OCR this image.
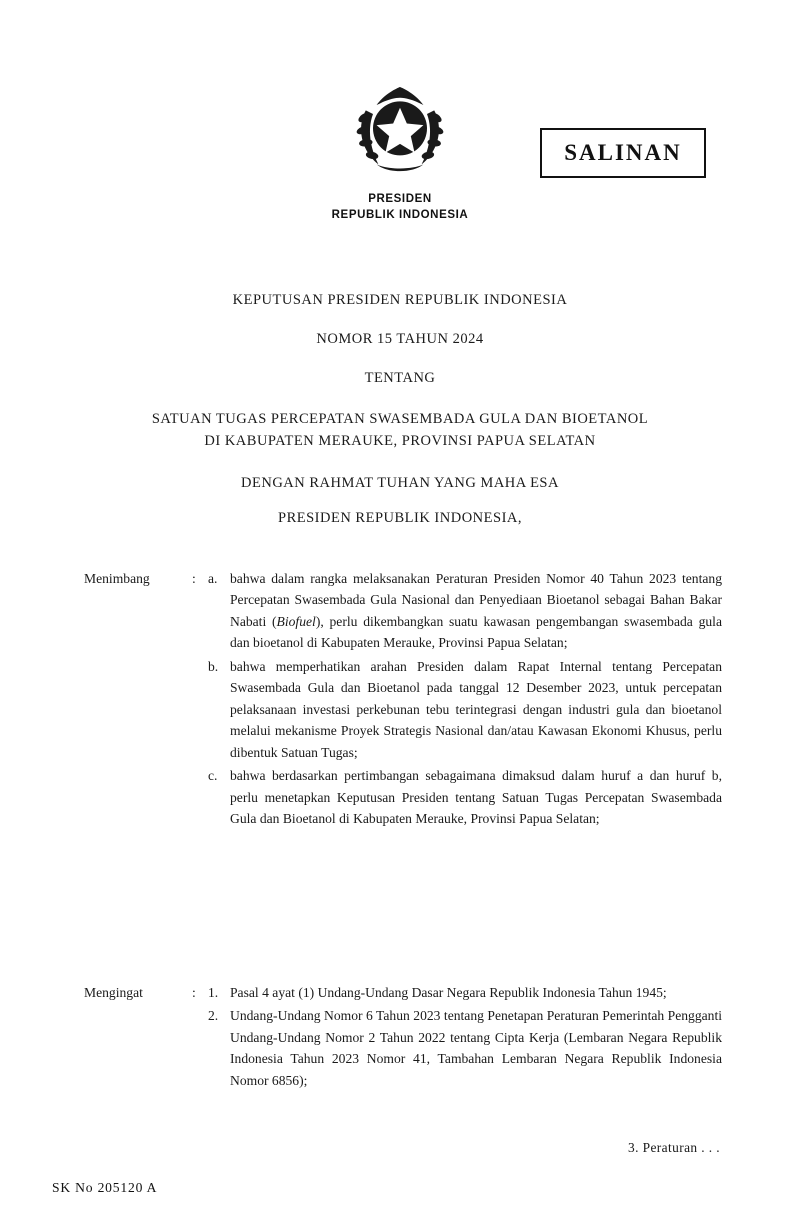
PRESIDEN
REPUBLIK INDONESIA
SALINAN
KEPUTUSAN PRESIDEN REPUBLIK INDONESIA
NOMOR 15 TAHUN 2024
TENTANG
SATUAN TUGAS PERCEPATAN SWASEMBADA GULA DAN BIOETANOL
DI KABUPATEN MERAUKE, PROVINSI PAPUA SELATAN
DENGAN RAHMAT TUHAN YANG MAHA ESA
PRESIDEN REPUBLIK INDONESIA,
Menimbang	: a. bahwa dalam rangka melaksanakan Peraturan Presiden Nomor 40 Tahun 2023 tentang Percepatan Swasembada Gula Nasional dan Penyediaan Bioetanol sebagai Bahan Bakar Nabati (Biofuel), perlu dikembangkan suatu kawasan pengembangan swasembada gula dan bioetanol di Kabupaten Merauke, Provinsi Papua Selatan;
b. bahwa memperhatikan arahan Presiden dalam Rapat Internal tentang Percepatan Swasembada Gula dan Bioetanol pada tanggal 12 Desember 2023, untuk percepatan pelaksanaan investasi perkebunan tebu terintegrasi dengan industri gula dan bioetanol melalui mekanisme Proyek Strategis Nasional dan/atau Kawasan Ekonomi Khusus, perlu dibentuk Satuan Tugas;
c. bahwa berdasarkan pertimbangan sebagaimana dimaksud dalam huruf a dan huruf b, perlu menetapkan Keputusan Presiden tentang Satuan Tugas Percepatan Swasembada Gula dan Bioetanol di Kabupaten Merauke, Provinsi Papua Selatan;
Mengingat	: 1. Pasal 4 ayat (1) Undang-Undang Dasar Negara Republik Indonesia Tahun 1945;
2. Undang-Undang Nomor 6 Tahun 2023 tentang Penetapan Peraturan Pemerintah Pengganti Undang-Undang Nomor 2 Tahun 2022 tentang Cipta Kerja (Lembaran Negara Republik Indonesia Tahun 2023 Nomor 41, Tambahan Lembaran Negara Republik Indonesia Nomor 6856);
3. Peraturan . . .
SK No 205120 A
